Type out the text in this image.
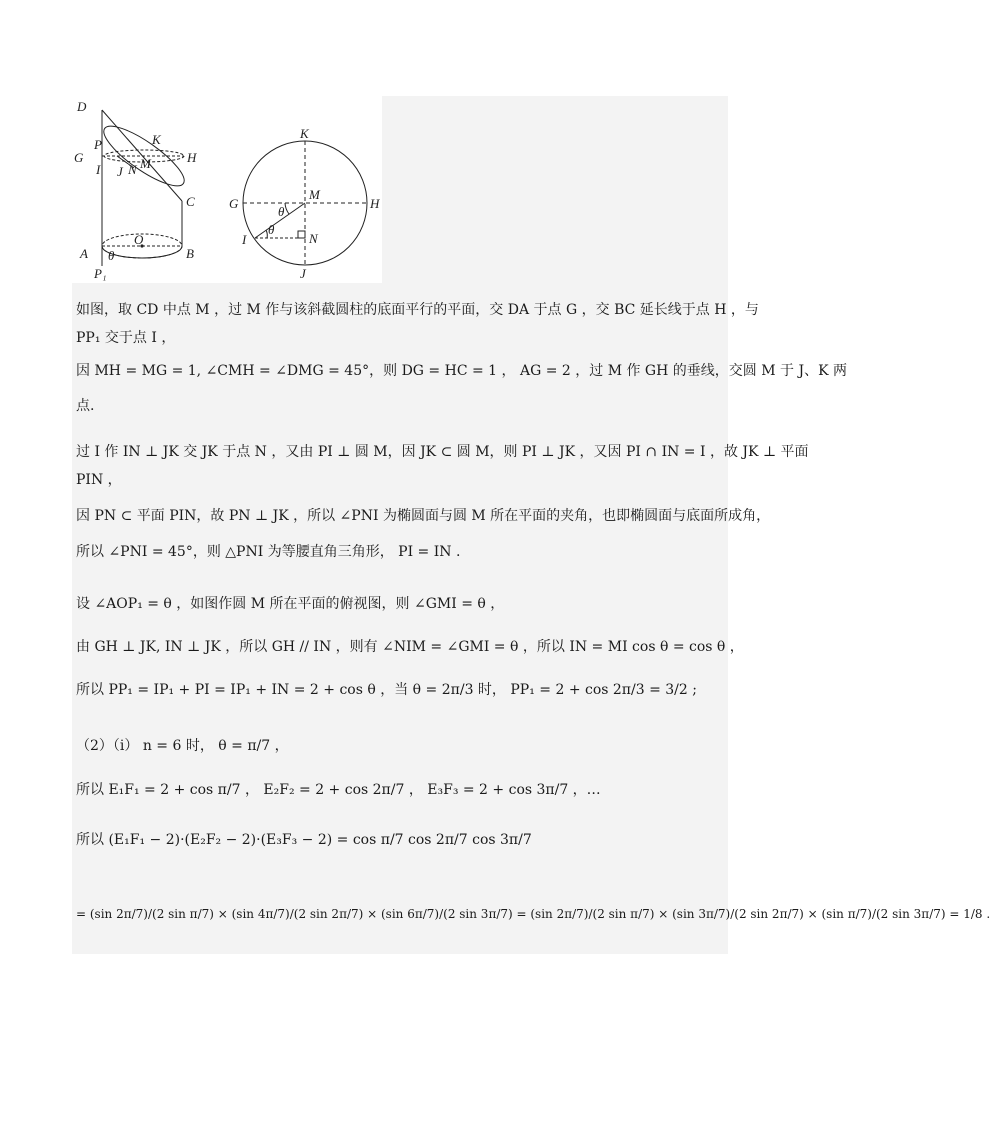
D
K
G
P
I J N M	H
C
A
O
B
P₁
θ
K
M
G	H
θ
θ
I	N
J
如图，取 CD 中点 M ，过 M 作与该斜截圆柱的底面平行的平面，交 DA 于点 G ，交 BC 延长线于点 H ，与
PP₁ 交于点 I ，
因 MH = MG = 1, ∠CMH = ∠DMG = 45°，则 DG = HC = 1 ， AG = 2 ，过 M 作 GH 的垂线，交圆 M 于 J、K 两
点.
过 I 作 IN ⊥ JK 交 JK 于点 N ，又由 PI ⊥ 圆 M，因 JK ⊂ 圆 M，则 PI ⊥ JK ，又因 PI ∩ IN = I ，故 JK ⊥ 平面
PIN ，
因 PN ⊂ 平面 PIN，故 PN ⊥ JK ，所以 ∠PNI 为椭圆面与圆 M 所在平面的夹角，也即椭圆面与底面所成角，
所以 ∠PNI = 45°，则 △PNI 为等腰直角三角形， PI = IN .
设 ∠AOP₁ = θ ，如图作圆 M 所在平面的俯视图，则 ∠GMI = θ ，
由 GH ⊥ JK, IN ⊥ JK ，所以 GH // IN ，则有 ∠NIM = ∠GMI = θ ，所以 IN = MI cos θ = cos θ ，
所以 PP₁ = IP₁ + PI = IP₁ + IN = 2 + cos θ ，当 θ = 2π/3 时， PP₁ = 2 + cos 2π/3 = 3/2 ;
（2）（i） n = 6 时， θ = π/7 ，
所以 E₁F₁ = 2 + cos π/7 ， E₂F₂ = 2 + cos 2π/7 ， E₃F₃ = 2 + cos 3π/7 ，…
所以 (E₁F₁ − 2)·(E₂F₂ − 2)·(E₃F₃ − 2) = cos π/7 cos 2π/7 cos 3π/7
= (sin 2π/7)/(2 sin π/7) × (sin 4π/7)/(2 sin 2π/7) × (sin 6π/7)/(2 sin 3π/7) = (sin 2π/7)/(2 sin π/7) × (sin 3π/7)/(2 sin 2π/7) × (sin π/7)/(2 sin 3π/7) = 1/8 .
